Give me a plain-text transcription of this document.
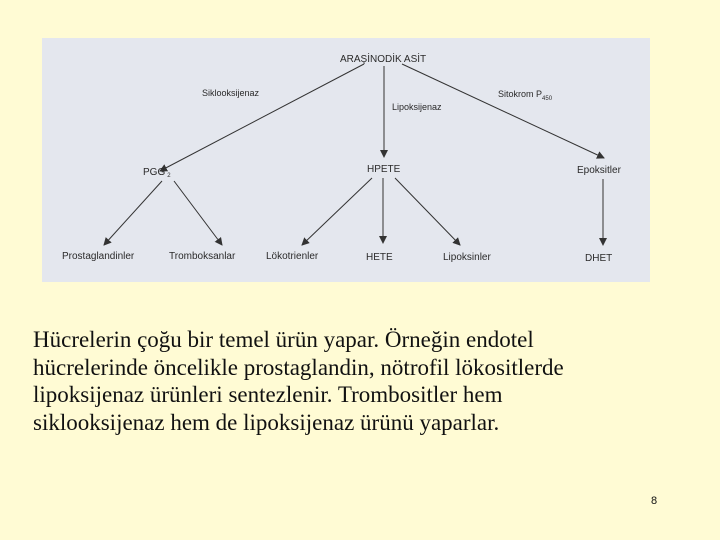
Siklooksijenaz
Lipoksijenaz
Sitokrom $P_{450}$
ARAŞİNODİK ASİT
PGG $_2$
HPETE	Epoksitler
Prostaglandinler	Tromboksanlar	Lökotrienler	HETE	Lipoksinler	DHET
Hücrelerin çoğu bir temel ürün yapar. Örneğin endotel
hücrelerinde öncelikle prostaglandin, nötrofil lökositlerde
lipoksijenaz ürünleri sentezlenir. Trombositler hem
siklooksijenaz hem de lipoksijenaz ürünü yaparlar.
8
